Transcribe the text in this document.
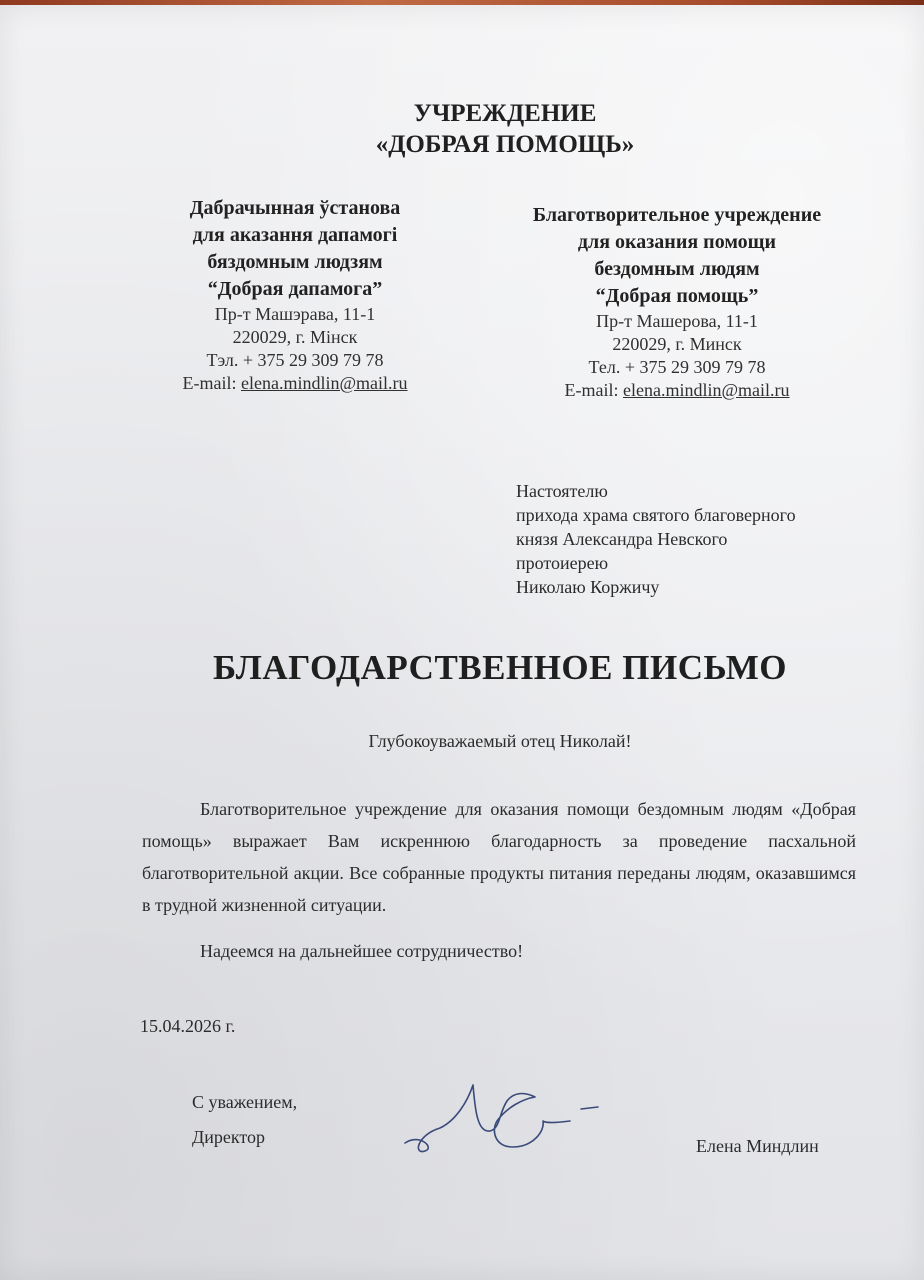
УЧРЕЖДЕНИЕ
«ДОБРАЯ ПОМОЩЬ»
Дабрачынная ўстанова
для аказання дапамогі
бяздомным людзям
“Добрая дапамога”
Пр-т Машэрава, 11-1
220029, г. Мінск
Тэл. + 375 29 309 79 78
E-mail: elena.mindlin@mail.ru
Благотворительное учреждение
для оказания помощи
бездомным людям
“Добрая помощь”
Пр-т Машерова, 11-1
220029, г. Минск
Тел. + 375 29 309 79 78
E-mail: elena.mindlin@mail.ru
Настоятелю
прихода храма святого благоверного
князя Александра Невского
протоиерею
Николаю Коржичу
БЛАГОДАРСТВЕННОЕ ПИСЬМО
Глубокоуважаемый отец Николай!

Благотворительное учреждение для оказания помощи бездомным людям «Добрая помощь» выражает Вам искреннюю благодарность за проведение пасхальной благотворительной акции. Все собранные продукты питания переданы людям, оказавшимся в трудной жизненной ситуации.

Надеемся на дальнейшее сотрудничество!
15.04.2026 г.
С уважением,
Директор	Елена Миндлин
